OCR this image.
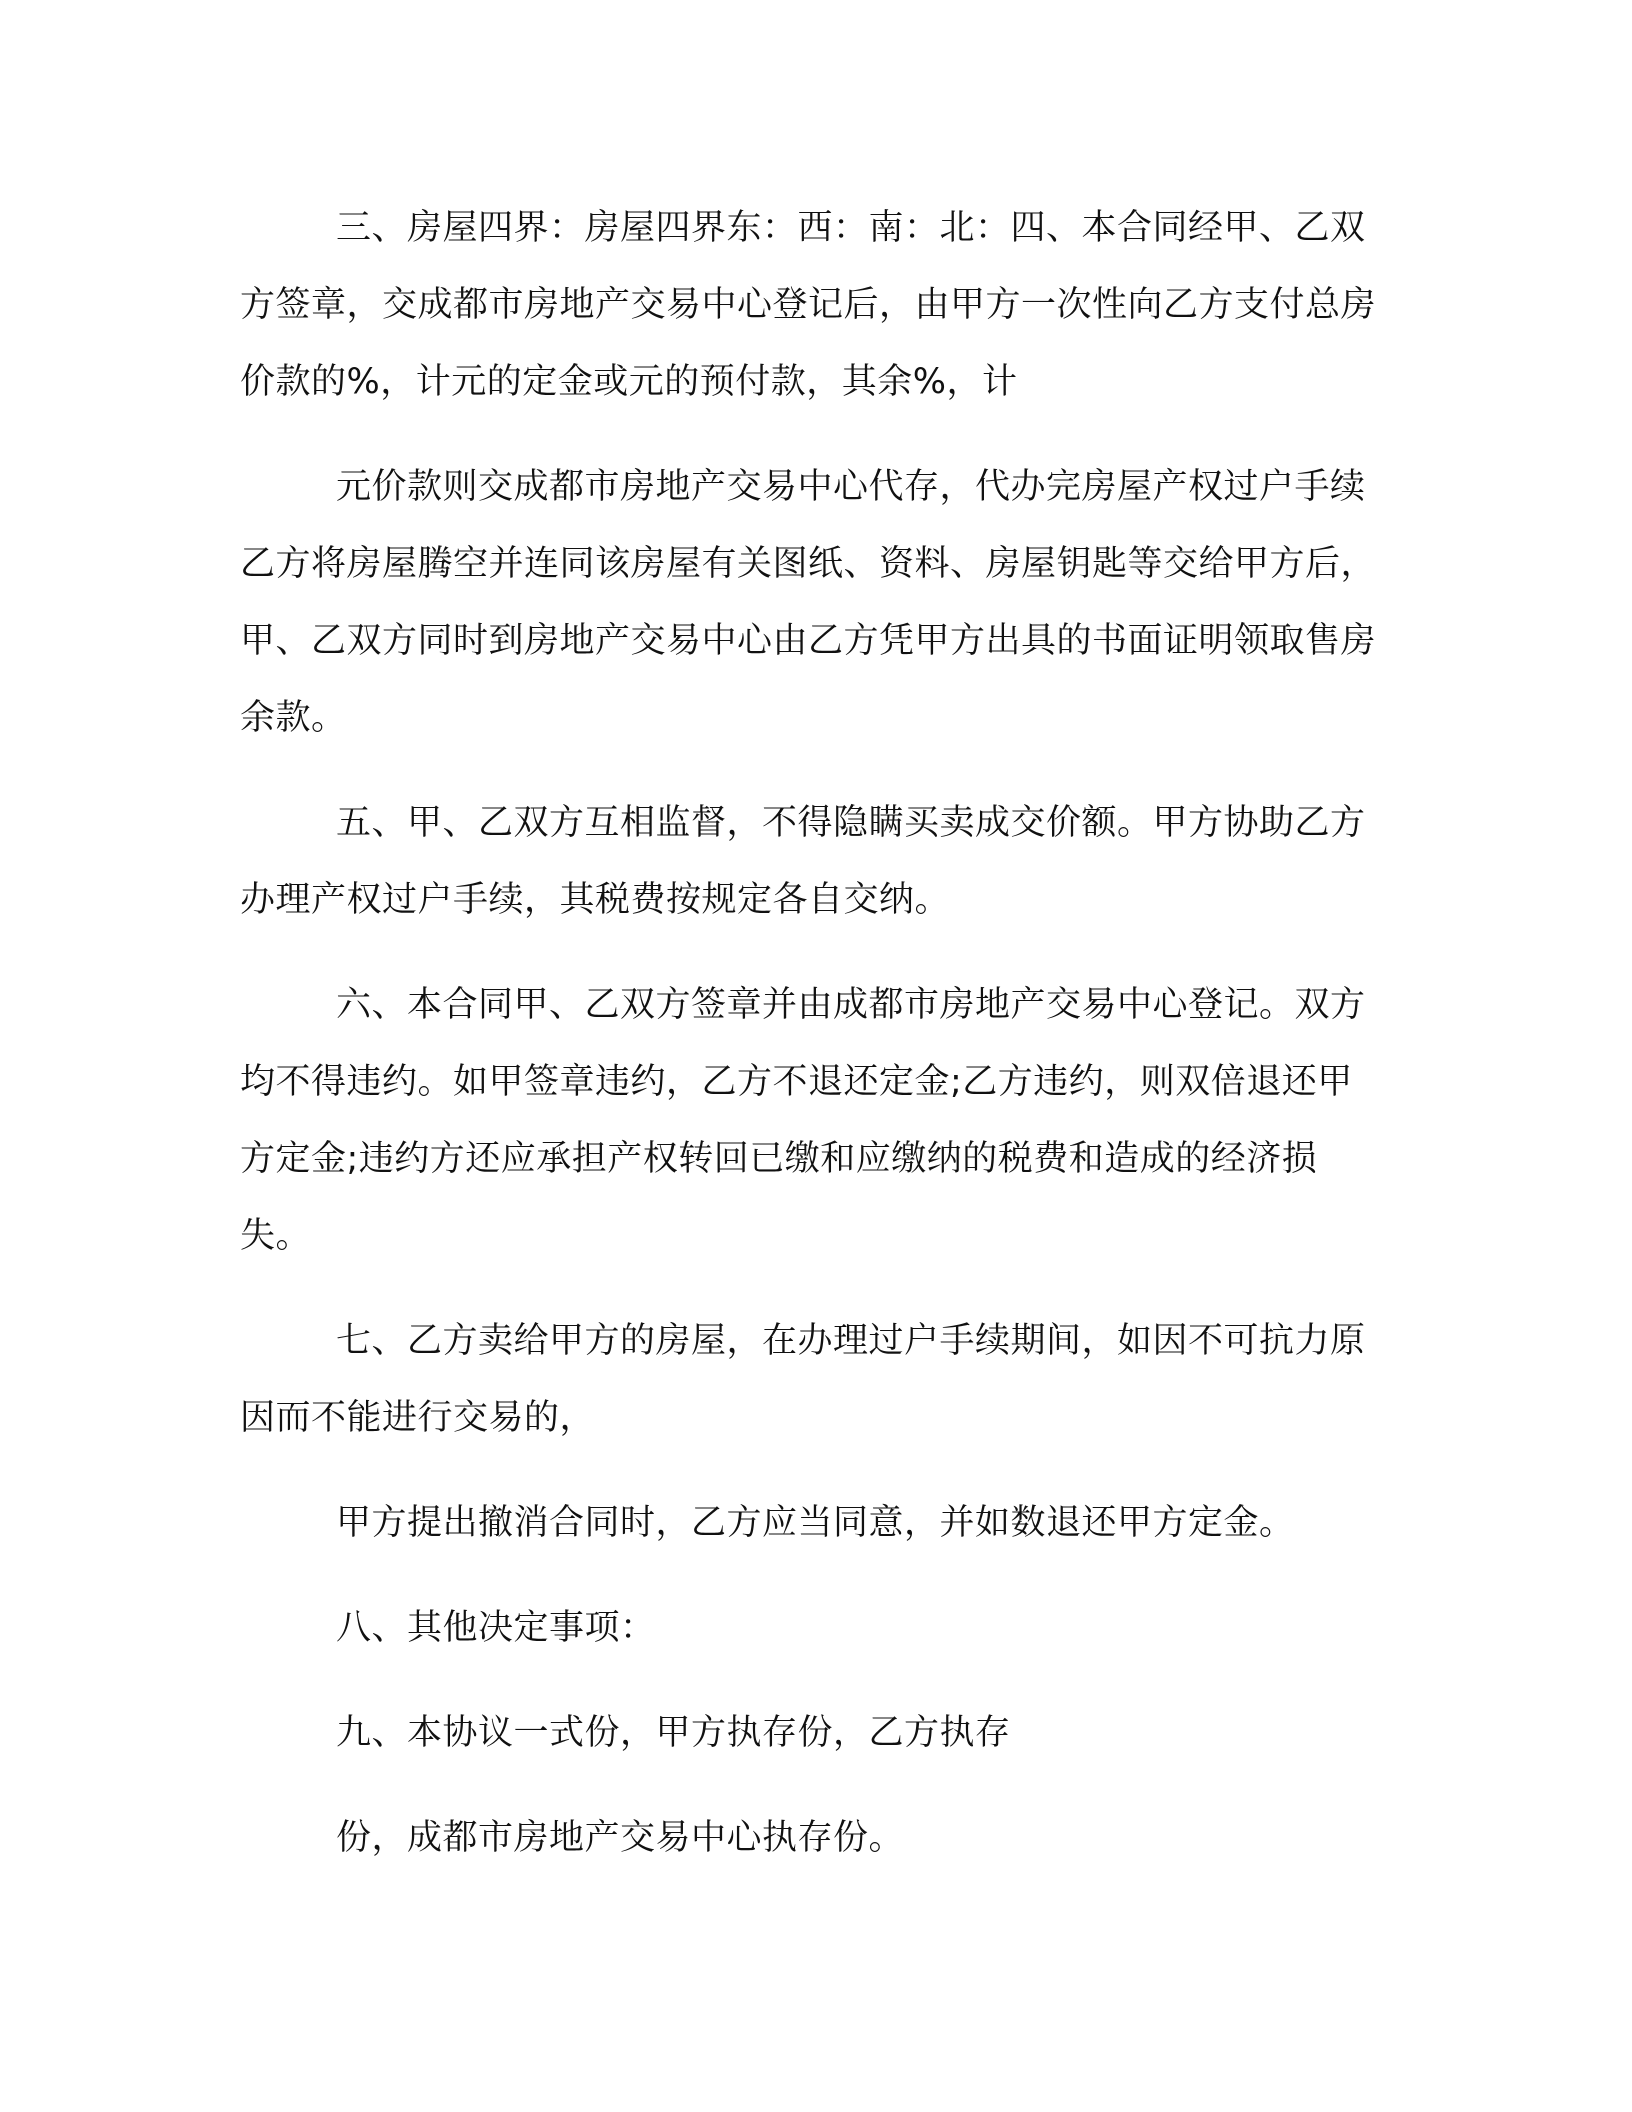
三、房屋四界：房屋四界东：西：南：北：四、本合同经甲、乙双方签章，交成都市房地产交易中心登记后，由甲方一次性向乙方支付总房价款的%，计元的定金或元的预付款，其余%，计

元价款则交成都市房地产交易中心代存，代办完房屋产权过户手续乙方将房屋腾空并连同该房屋有关图纸、资料、房屋钥匙等交给甲方后，甲、乙双方同时到房地产交易中心由乙方凭甲方出具的书面证明领取售房余款。

五、甲、乙双方互相监督，不得隐瞒买卖成交价额。甲方协助乙方办理产权过户手续，其税费按规定各自交纳。

六、本合同甲、乙双方签章并由成都市房地产交易中心登记。双方均不得违约。如甲签章违约，乙方不退还定金;乙方违约，则双倍退还甲方定金;违约方还应承担产权转回已缴和应缴纳的税费和造成的经济损失。

七、乙方卖给甲方的房屋，在办理过户手续期间，如因不可抗力原因而不能进行交易的，

甲方提出撤消合同时，乙方应当同意，并如数退还甲方定金。

八、其他决定事项：

九、本协议一式份，甲方执存份，乙方执存

份，成都市房地产交易中心执存份。
